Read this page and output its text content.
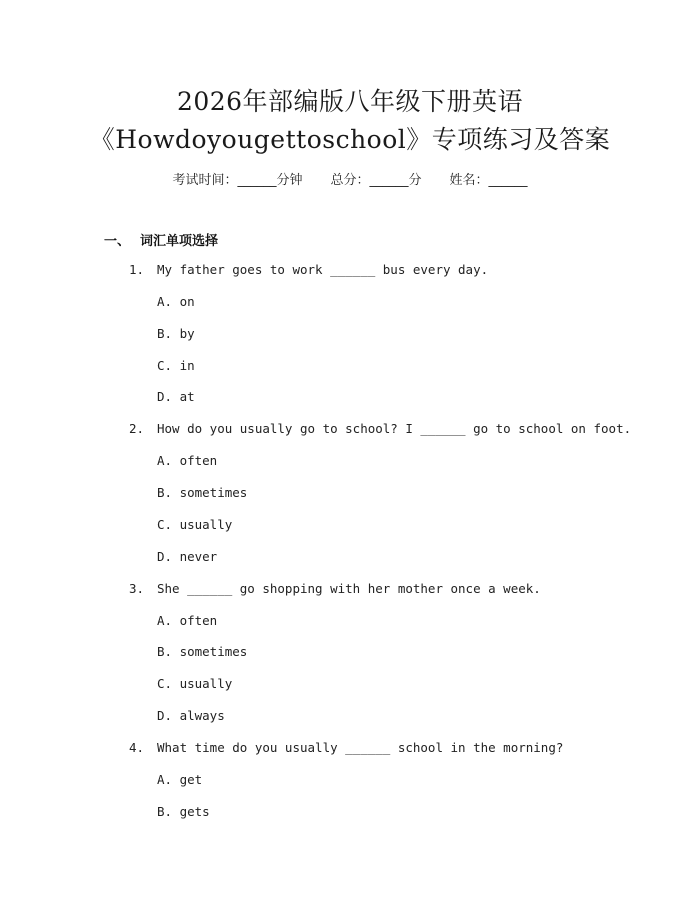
2026年部编版八年级下册英语
《Howdoyougettoschool》专项练习及答案
考试时间：______分钟 总分：______分 姓名：______
一、 词汇单项选择
1. My father goes to work ______ bus every day.
A. on
B. by
C. in
D. at
2. How do you usually go to school? I ______ go to school on foot.
A. often
B. sometimes
C. usually
D. never
3. She ______ go shopping with her mother once a week.
A. often
B. sometimes
C. usually
D. always
4. What time do you usually ______ school in the morning?
A. get
B. gets
